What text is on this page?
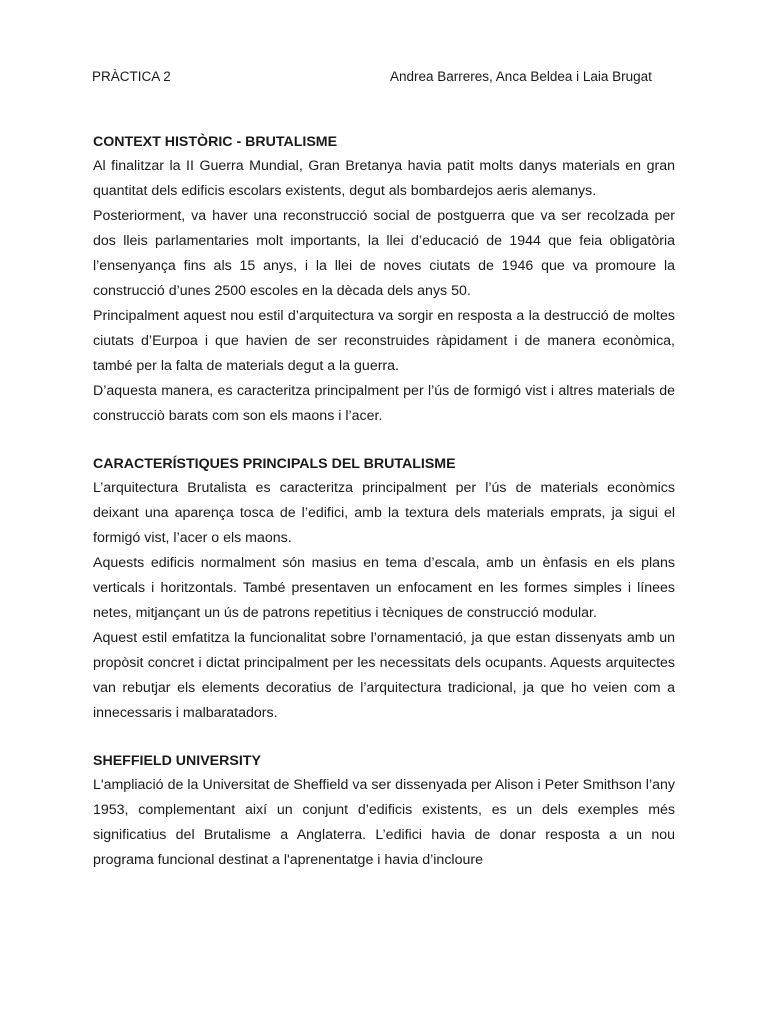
PRÀCTICA 2	Andrea Barreres, Anca Beldea i Laia Brugat
CONTEXT HISTÒRIC - BRUTALISME

Al finalitzar la II Guerra Mundial, Gran Bretanya havia patit molts danys materials en gran quantitat dels edificis escolars existents, degut als bombardejos aeris alemanys.

Posteriorment, va haver una reconstrucció social de postguerra que va ser recolzada per dos lleis parlamentaries molt importants, la llei d’educació de 1944 que feia obligatòria l’ensenyança fins als 15 anys, i la llei de noves ciutats de 1946 que va promoure la construcció d’unes 2500 escoles en la dècada dels anys 50.

Principalment aquest nou estil d’arquitectura va sorgir en resposta a la destrucció de moltes ciutats d’Eurpoa i que havien de ser reconstruides ràpidament i de manera econòmica, també per la falta de materials degut a la guerra.

D’aquesta manera, es caracteritza principalment per l’ús de formigó vist i altres materials de construcciò barats com son els maons i l’acer.

CARACTERÍSTIQUES PRINCIPALS DEL BRUTALISME

L’arquitectura Brutalista es caracteritza principalment per l’ús de materials econòmics deixant una aparença tosca de l’edifici, amb la textura dels materials emprats, ja sigui el formigó vist, l’acer o els maons.

Aquests edificis normalment són masius en tema d’escala, amb un ènfasis en els plans verticals i horitzontals. També presentaven un enfocament en les formes simples i línees netes, mitjançant un ús de patrons repetitius i tècniques de construcció modular.

Aquest estil emfatitza la funcionalitat sobre l’ornamentació, ja que estan dissenyats amb un propòsit concret i dictat principalment per les necessitats dels ocupants. Aquests arquitectes van rebutjar els elements decoratius de l’arquitectura tradicional, ja que ho veien com a innecessaris i malbaratadors.

SHEFFIELD UNIVERSITY

L'ampliació de la Universitat de Sheffield va ser dissenyada per Alison i Peter Smithson l’any 1953, complementant així un conjunt d’edificis existents, es un dels exemples més significatius del Brutalisme a Anglaterra. L’edifici havia de donar resposta a un nou programa funcional destinat a l'aprenentatge i havia d’incloure
